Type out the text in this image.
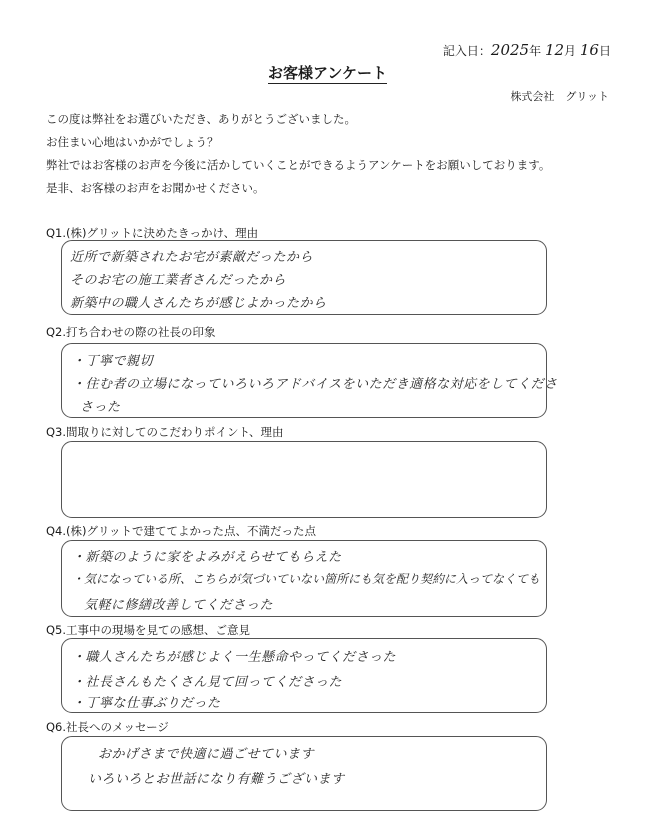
記入日：2025年 12月 16日
お客様アンケート
株式会社　グリット
この度は弊社をお選びいただき、ありがとうございました。
お住まい心地はいかがでしょう？
弊社ではお客様のお声を今後に活かしていくことができるようアンケートをお願いしております。
是非、お客様のお声をお聞かせください。
Q1.(株)グリットに決めたきっかけ、理由
近所で新築されたお宅が素敵だったから
そのお宅の施工業者さんだったから
新築中の職人さんたちが感じよかったから
Q2.打ち合わせの際の社長の印象
・丁寧で親切
・住む者の立場になっていろいろアドバイスをいただき適格な対応をしてくださ
さった
Q3.間取りに対してのこだわりポイント、理由
Q4.(株)グリットで建ててよかった点、不満だった点
・新築のように家をよみがえらせてもらえた
・気になっている所、こちらが気づいていない箇所にも気を配り契約に入ってなくても
気軽に修繕改善してくださった
Q5.工事中の現場を見ての感想、ご意見
・職人さんたちが感じよく一生懸命やってくださった
・社長さんもたくさん見て回ってくださった
・丁寧な仕事ぶりだった
Q6.社長へのメッセージ
おかげさまで快適に過ごせています
いろいろとお世話になり有難うございます
